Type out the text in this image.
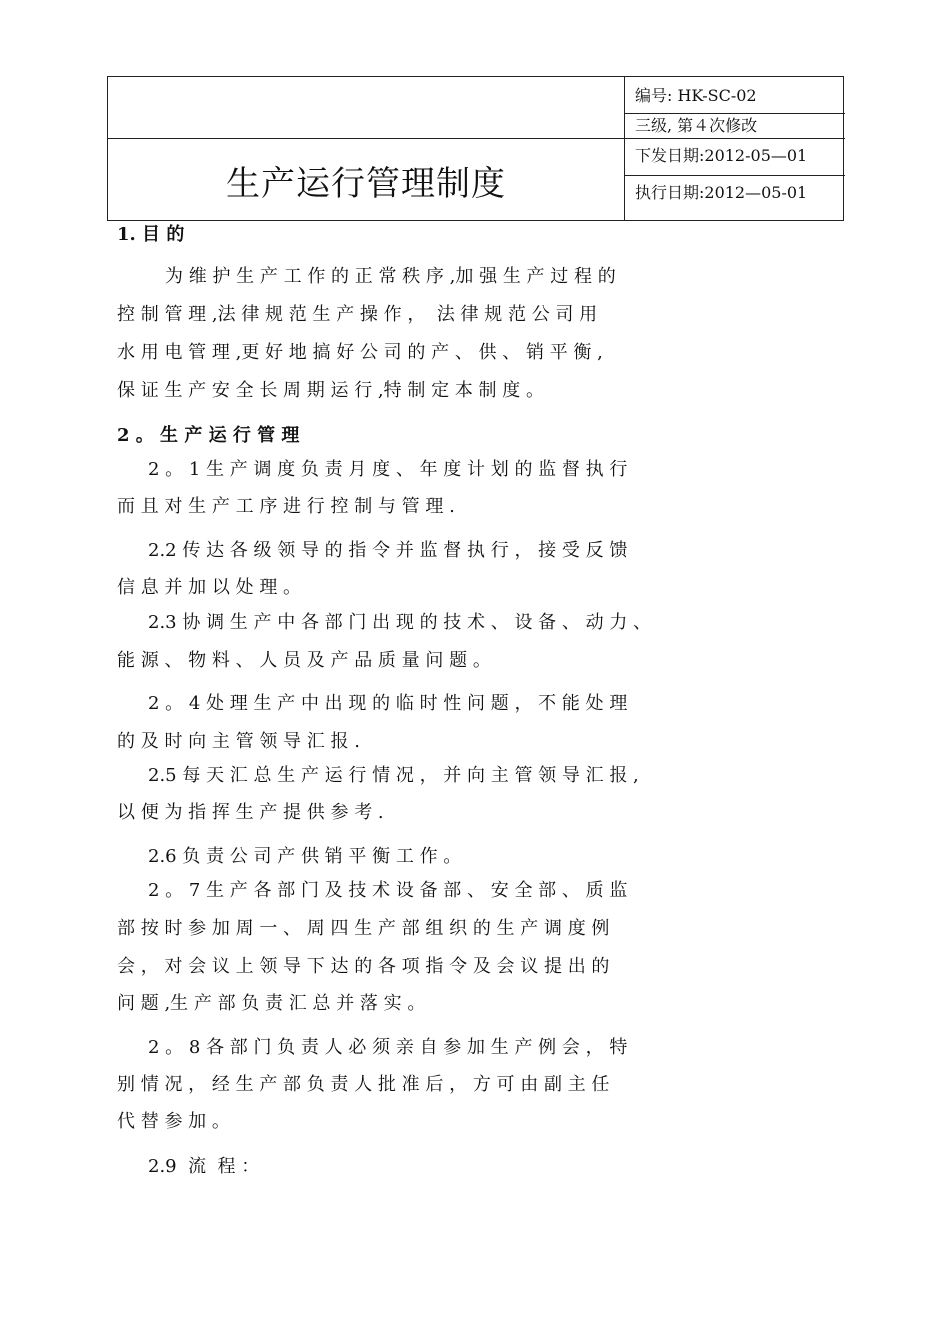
编号: HK-SC-02
三级, 第４次修改
下发日期:2012-05—01
执行日期:2012—05-01
生产运行管理制度
1. 目 的
为 维 护 生 产 工 作 的 正 常 秩 序 ,加 强 生 产 过 程 的
控 制 管 理 ,法 律 规 范 生 产 操 作 ，  法 律 规 范 公 司 用
水 用 电 管 理 ,更 好 地 搞 好 公 司 的 产 、 供 、 销 平 衡 ,
保 证 生 产 安 全 长 周 期 运 行 ,特 制 定 本 制 度 。
2 。 生 产 运 行 管 理
2 。 1 生 产 调 度 负 责 月 度 、 年 度 计 划 的 监 督 执 行
而 且 对 生 产 工 序 进 行 控 制 与 管 理 .
2.2 传 达 各 级 领 导 的 指 令 并 监 督 执 行 ， 接 受 反 馈
信 息 并 加 以 处 理 。
2.3 协 调 生 产 中 各 部 门 出 现 的 技 术 、 设 备 、 动 力 、
能 源 、 物 料 、 人 员 及 产 品 质 量 问 题 。
2 。 4 处 理 生 产 中 出 现 的 临 时 性 问 题 ， 不 能 处 理
的 及 时 向 主 管 领 导 汇 报 .
2.5 每 天 汇 总 生 产 运 行 情 况 ， 并 向 主 管 领 导 汇 报 ,
以 便 为 指 挥 生 产 提 供 参 考 .
2.6 负 责 公 司 产 供 销 平 衡 工 作 。
2 。 7 生 产 各 部 门 及 技 术 设 备 部 、 安 全 部 、 质 监
部 按 时 参 加 周 一 、 周 四 生 产 部 组 织 的 生 产 调 度 例
会 ， 对 会 议 上 领 导 下 达 的 各 项 指 令 及 会 议 提 出 的
问 题 ,生 产 部 负 责 汇 总 并 落 实 。
2 。 8 各 部 门 负 责 人 必 须 亲 自 参 加 生 产 例 会 ， 特
别 情 况 ， 经 生 产 部 负 责 人 批 准 后 ， 方 可 由 副 主 任
代 替 参 加 。
2.9  流  程 ：
